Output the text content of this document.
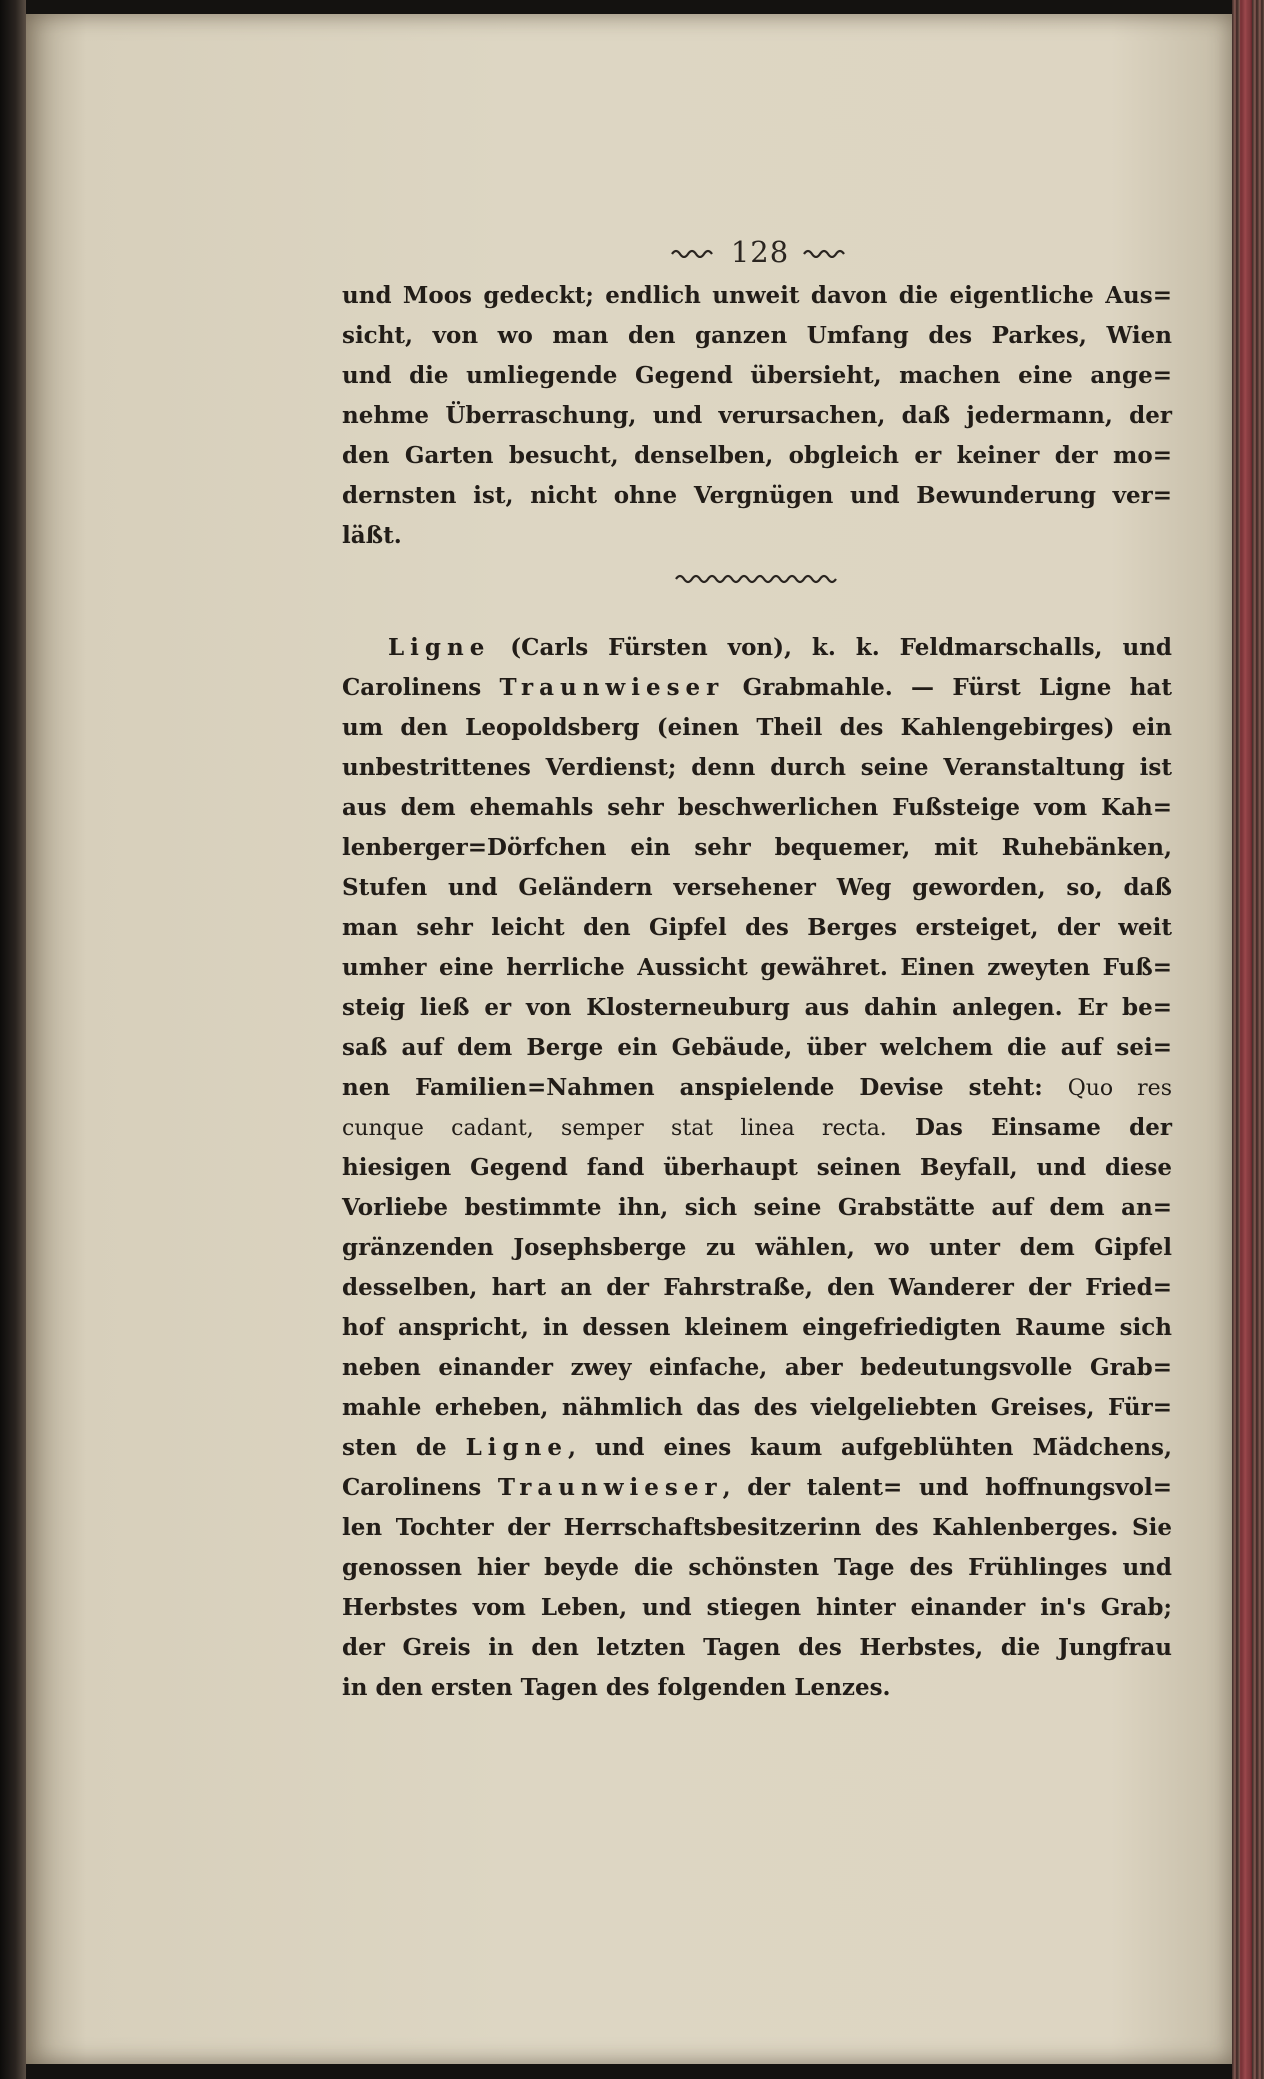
128
und Moos gedeckt; endlich unweit davon die eigentliche Aus=
sicht, von wo man den ganzen Umfang des Parkes, Wien
und die umliegende Gegend übersieht, machen eine ange=
nehme Überraschung, und verursachen, daß jedermann, der
den Garten besucht, denselben, obgleich er keiner der mo=
dernsten ist, nicht ohne Vergnügen und Bewunderung ver=
läßt.
  Ligne (Carls Fürsten von), k. k. Feldmarschalls, und
Carolinens Traunwieser Grabmahle. — Fürst Ligne hat
um den Leopoldsberg (einen Theil des Kahlengebirges) ein
unbestrittenes Verdienst; denn durch seine Veranstaltung ist
aus dem ehemahls sehr beschwerlichen Fußsteige vom Kah=
lenberger=Dörfchen ein sehr bequemer, mit Ruhebänken,
Stufen und Geländern versehener Weg geworden, so, daß
man sehr leicht den Gipfel des Berges ersteiget, der weit
umher eine herrliche Aussicht gewähret. Einen zweyten Fuß=
steig ließ er von Klosterneuburg aus dahin anlegen. Er be=
saß auf dem Berge ein Gebäude, über welchem die auf sei=
nen Familien=Nahmen anspielende Devise steht: Quo res
cunque cadant, semper stat linea recta. Das Einsame der
hiesigen Gegend fand überhaupt seinen Beyfall, und diese
Vorliebe bestimmte ihn, sich seine Grabstätte auf dem an=
gränzenden Josephsberge zu wählen, wo unter dem Gipfel
desselben, hart an der Fahrstraße, den Wanderer der Fried=
hof anspricht, in dessen kleinem eingefriedigten Raume sich
neben einander zwey einfache, aber bedeutungsvolle Grab=
mahle erheben, nähmlich das des vielgeliebten Greises, Für=
sten de Ligne, und eines kaum aufgeblühten Mädchens,
Carolinens Traunwieser, der talent= und hoffnungsvol=
len Tochter der Herrschaftsbesitzerinn des Kahlenberges. Sie
genossen hier beyde die schönsten Tage des Frühlinges und
Herbstes vom Leben, und stiegen hinter einander in's Grab;
der Greis in den letzten Tagen des Herbstes, die Jungfrau
in den ersten Tagen des folgenden Lenzes.
